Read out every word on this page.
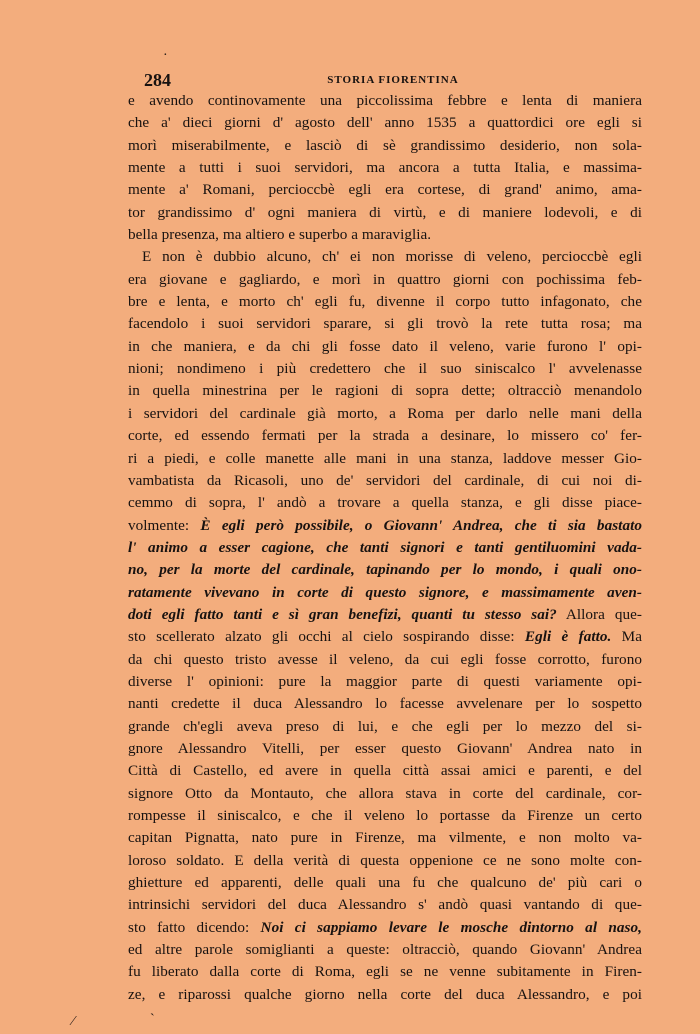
284	STORIA FIORENTINA
e avendo continovamente una piccolissima febbre e lenta di maniera
che a' dieci giorni d' agosto dell' anno 1535 a quattordici ore egli si
morì miserabilmente, e lasciò di sè grandissimo desiderio, non sola-
mente a tutti i suoi servidori, ma ancora a tutta Italia, e massima-
mente a' Romani, percioccbè egli era cortese, di grand' animo, ama-
tor grandissimo d' ogni maniera di virtù, e di maniere lodevoli, e di
bella presenza, ma altiero e superbo a maraviglia.
E non è dubbio alcuno, ch' ei non morisse di veleno, percioccbè egli
era giovane e gagliardo, e morì in quattro giorni con pochissima feb-
bre e lenta, e morto ch' egli fu, divenne il corpo tutto infagonato, che
facendolo i suoi servidori sparare, si gli trovò la rete tutta rosa; ma
in che maniera, e da chi gli fosse dato il veleno, varie furono l' opi-
nioni; nondimeno i più credettero che il suo siniscalco l' avvelenasse
in quella minestrina per le ragioni di sopra dette; oltracciò menandolo
i servidori del cardinale già morto, a Roma per darlo nelle mani della
corte, ed essendo fermati per la strada a desinare, lo missero co' fer-
ri a piedi, e colle manette alle mani in una stanza, laddove messer Gio-
vambatista da Ricasoli, uno de' servidori del cardinale, di cui noi di-
cemmo di sopra, l' andò a trovare a quella stanza, e gli disse piace-
volmente: È egli però possibile, o Giovann' Andrea, che ti sia bastato
l' animo a esser cagione, che tanti signori e tanti gentiluomini vada-
no, per la morte del cardinale, tapinando per lo mondo, i quali ono-
ratamente vivevano in corte di questo signore, e massimamente aven-
doti egli fatto tanti e sì gran benefizi, quanti tu stesso sai? Allora que-
sto scellerato alzato gli occhi al cielo sospirando disse: Egli è fatto. Ma
da chi questo tristo avesse il veleno, da cui egli fosse corrotto, furono
diverse l' opinioni: pure la maggior parte di questi variamente opi-
nanti credette il duca Alessandro lo facesse avvelenare per lo sospetto
grande ch'egli aveva preso di lui, e che egli per lo mezzo del si-
gnore Alessandro Vitelli, per esser questo Giovann' Andrea nato in
Città di Castello, ed avere in quella città assai amici e parenti, e del
signore Otto da Montauto, che allora stava in corte del cardinale, cor-
rompesse il siniscalco, e che il veleno lo portasse da Firenze un certo
capitan Pignatta, nato pure in Firenze, ma vilmente, e non molto va-
loroso soldato. E della verità di questa oppenione ce ne sono molte con-
ghietture ed apparenti, delle quali una fu che qualcuno de' più cari o
intrinsichi servidori del duca Alessandro s' andò quasi vantando di que-
sto fatto dicendo: Noi ci sappiamo levare le mosche dintorno al naso,
ed altre parole somiglianti a queste: oltracciò, quando Giovann' Andrea
fu liberato dalla corte di Roma, egli se ne venne subitamente in Firen-
ze, e riparossi qualche giorno nella corte del duca Alessandro, e poi
·
⁄
˴
